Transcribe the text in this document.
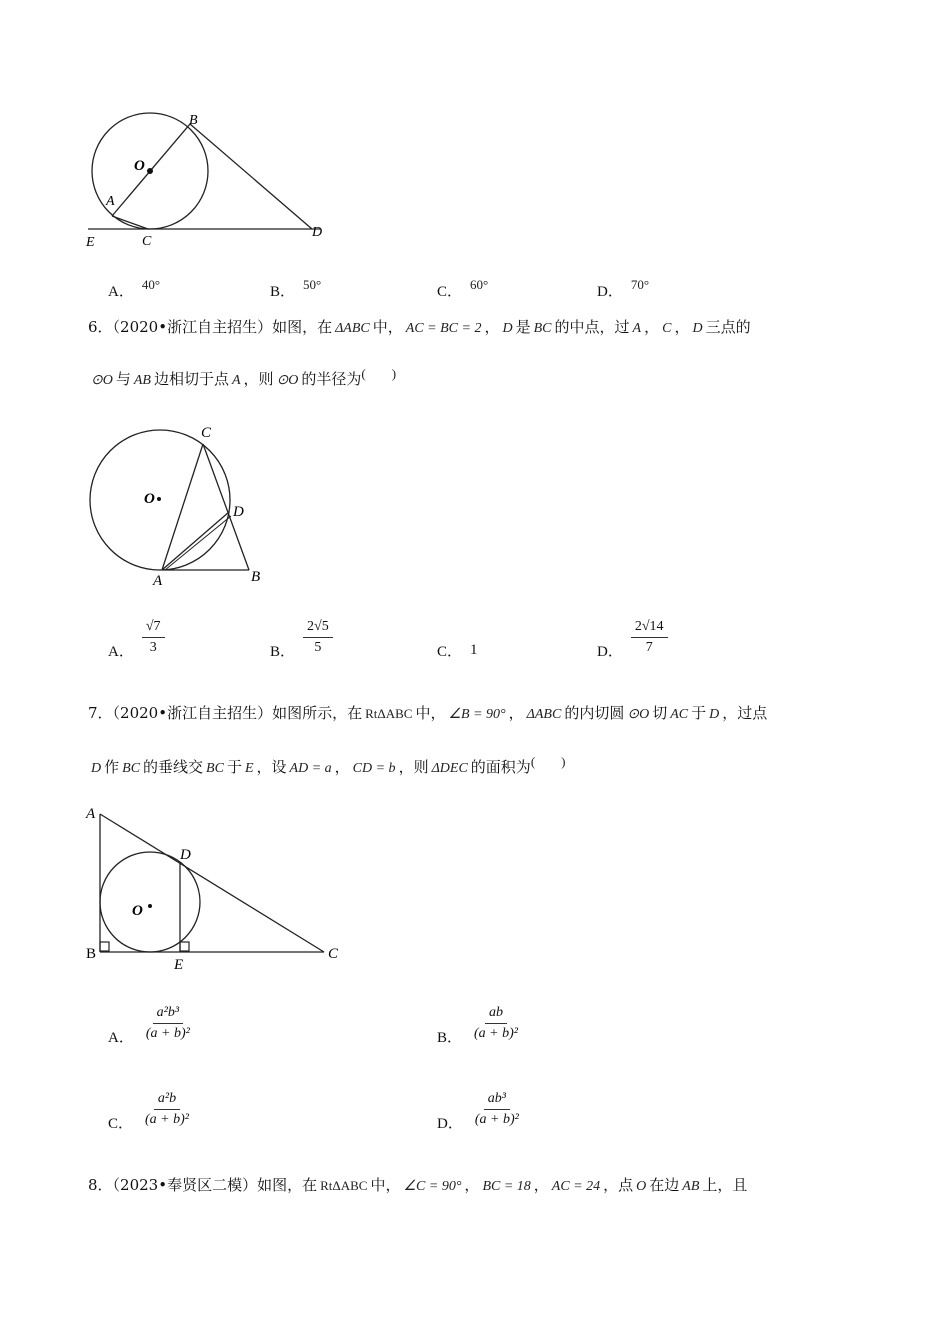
O
B
A
E	C
D
A． 40°	B． 50°	C． 60°	D． 70°
6．（2020•浙江自主招生）如图，在 ΔABC 中， AC = BC = 2 ， D 是 BC 的中点，过 A ， C ， D 三点的
⊙O 与 AB 边相切于点 A ，则 ⊙O 的半径为(　　)
C
O
D
A	B
A． $\frac{√7}{3}$	B． $\frac{2√5}{5}$	C． 1	D． $\frac{2√14}{7}$
7．（2020•浙江自主招生）如图所示，在 RtΔABC 中， ∠B = 90° ， ΔABC 的内切圆 ⊙O 切 AC 于 D ，过点
D 作 BC 的垂线交 BC 于 E ，设 AD = a ， CD = b ，则 ΔDEC 的面积为(　　)
A
D
O
B
E
C
A． $\frac{\text{a²b³}}{\text{(a + b)²}}$	B． $\frac{ab}{\text{(a + b)²}}$
C． $\frac{\text{a²b}}{\text{(a + b)²}}$	D． $\frac{\text{ab³}}{\text{(a + b)²}}$
8．（2023•奉贤区二模）如图，在 RtΔABC 中， ∠C = 90° ， BC = 18 ， AC = 24 ，点 O 在边 AB 上，且
